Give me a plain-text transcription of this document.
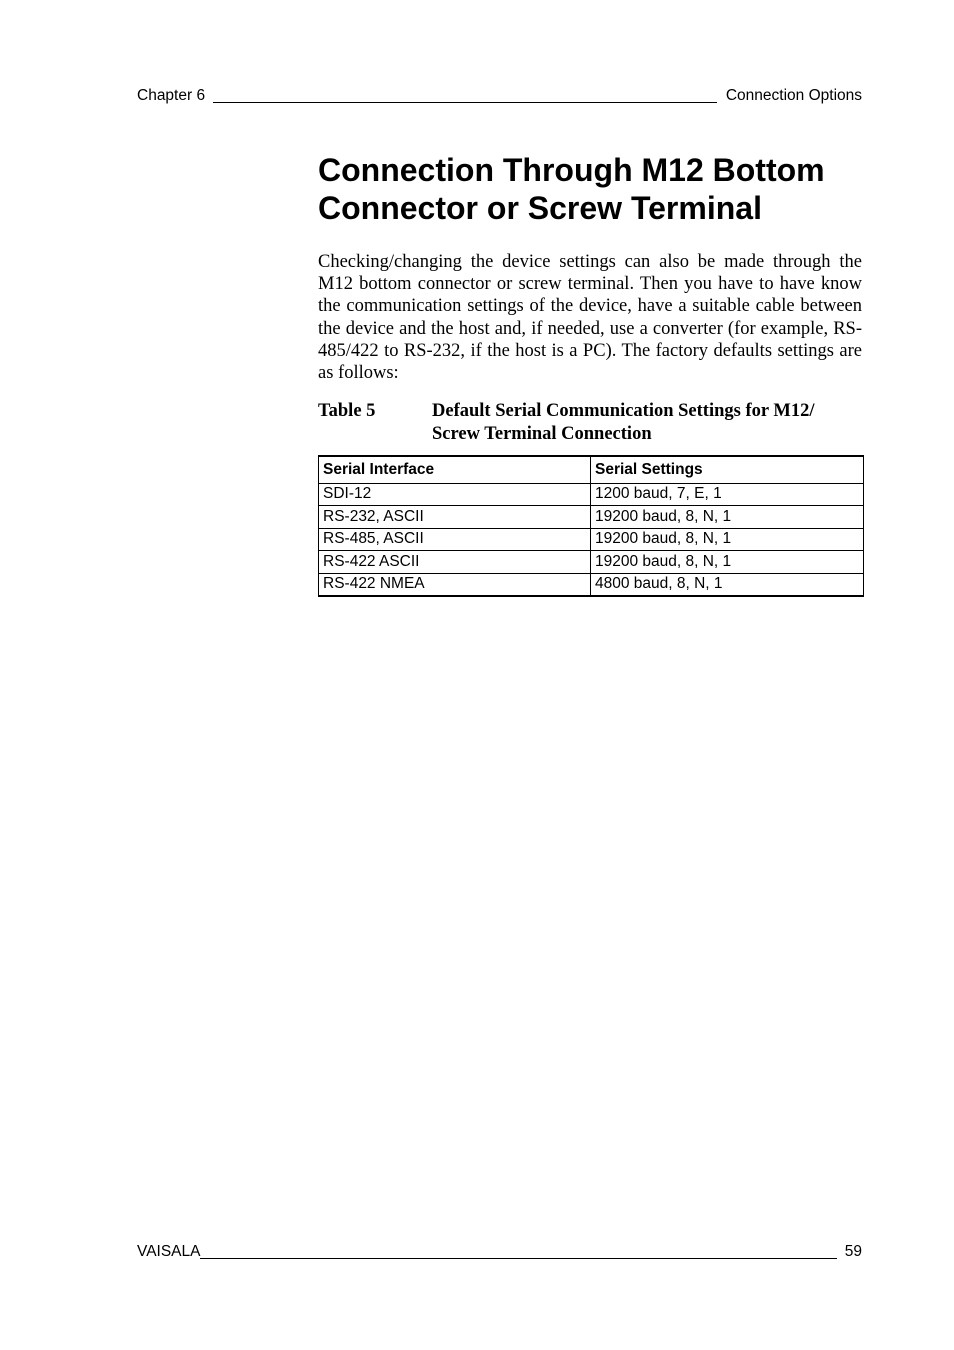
Chapter 6	Connection Options
Connection Through M12 Bottom
Connector or Screw Terminal
Checking/changing the device settings can also be made through the
M12 bottom connector or screw terminal. Then you have to have know
the communication settings of the device, have a suitable cable between
the device and the host and, if needed, use a converter (for example, RS-
485/422 to RS-232, if the host is a PC). The factory defaults settings are
as follows:
Table 5	Default Serial Communication Settings for M12/
Screw Terminal Connection
Serial Interface	Serial Settings
SDI-12	1200 baud, 7, E, 1
RS-232, ASCII	19200 baud, 8, N, 1
RS-485, ASCII	19200 baud, 8, N, 1
RS-422 ASCII	19200 baud, 8, N, 1
RS-422 NMEA	4800 baud, 8, N, 1
VAISALA	59
